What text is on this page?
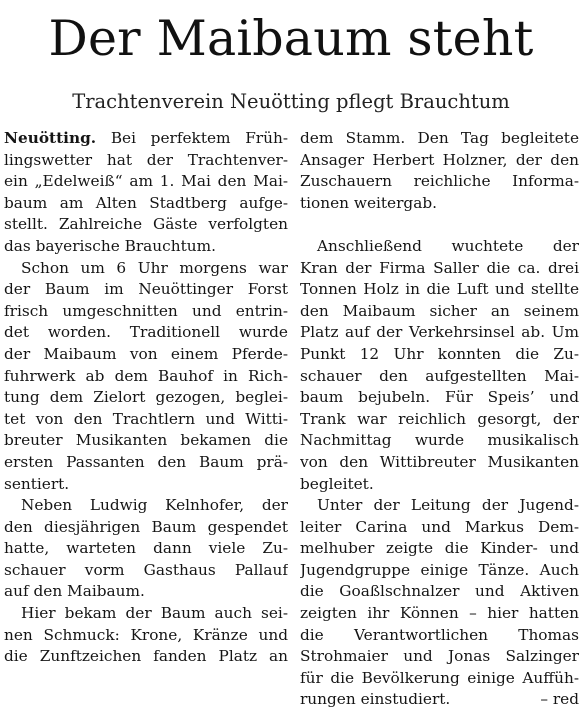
Der Maibaum steht
Trachtenverein Neuötting pflegt Brauchtum
Neuötting. Bei perfektem Früh-
lingswetter hat der Trachtenver-
ein „Edelweiß“ am 1. Mai den Mai-
baum am Alten Stadtberg aufge-
stellt. Zahlreiche Gäste verfolgten
das bayerische Brauchtum.
Schon um 6 Uhr morgens war
der Baum im Neuöttinger Forst
frisch umgeschnitten und entrin-
det worden. Traditionell wurde
der Maibaum von einem Pferde-
fuhrwerk ab dem Bauhof in Rich-
tung dem Zielort gezogen, beglei-
tet von den Trachtlern und Witti-
breuter Musikanten bekamen die
ersten Passanten den Baum prä-
sentiert.
Neben Ludwig Kelnhofer, der
den diesjährigen Baum gespendet
hatte, warteten dann viele Zu-
schauer vorm Gasthaus Pallauf
auf den Maibaum.
Hier bekam der Baum auch sei-
nen Schmuck: Krone, Kränze und
die Zunftzeichen fanden Platz an
dem Stamm. Den Tag begleitete
Ansager Herbert Holzner, der den
Zuschauern reichliche Informa-
tionen weitergab.
Anschließend wuchtete der
Kran der Firma Saller die ca. drei
Tonnen Holz in die Luft und stellte
den Maibaum sicher an seinem
Platz auf der Verkehrsinsel ab. Um
Punkt 12 Uhr konnten die Zu-
schauer den aufgestellten Mai-
baum bejubeln. Für Speis’ und
Trank war reichlich gesorgt, der
Nachmittag wurde musikalisch
von den Wittibreuter Musikanten
begleitet.
Unter der Leitung der Jugend-
leiter Carina und Markus Dem-
melhuber zeigte die Kinder- und
Jugendgruppe einige Tänze. Auch
die Goaßlschnalzer und Aktiven
zeigten ihr Können – hier hatten
die Verantwortlichen Thomas
Strohmaier und Jonas Salzinger
für die Bevölkerung einige Auffüh-
rungen einstudiert.	– red
